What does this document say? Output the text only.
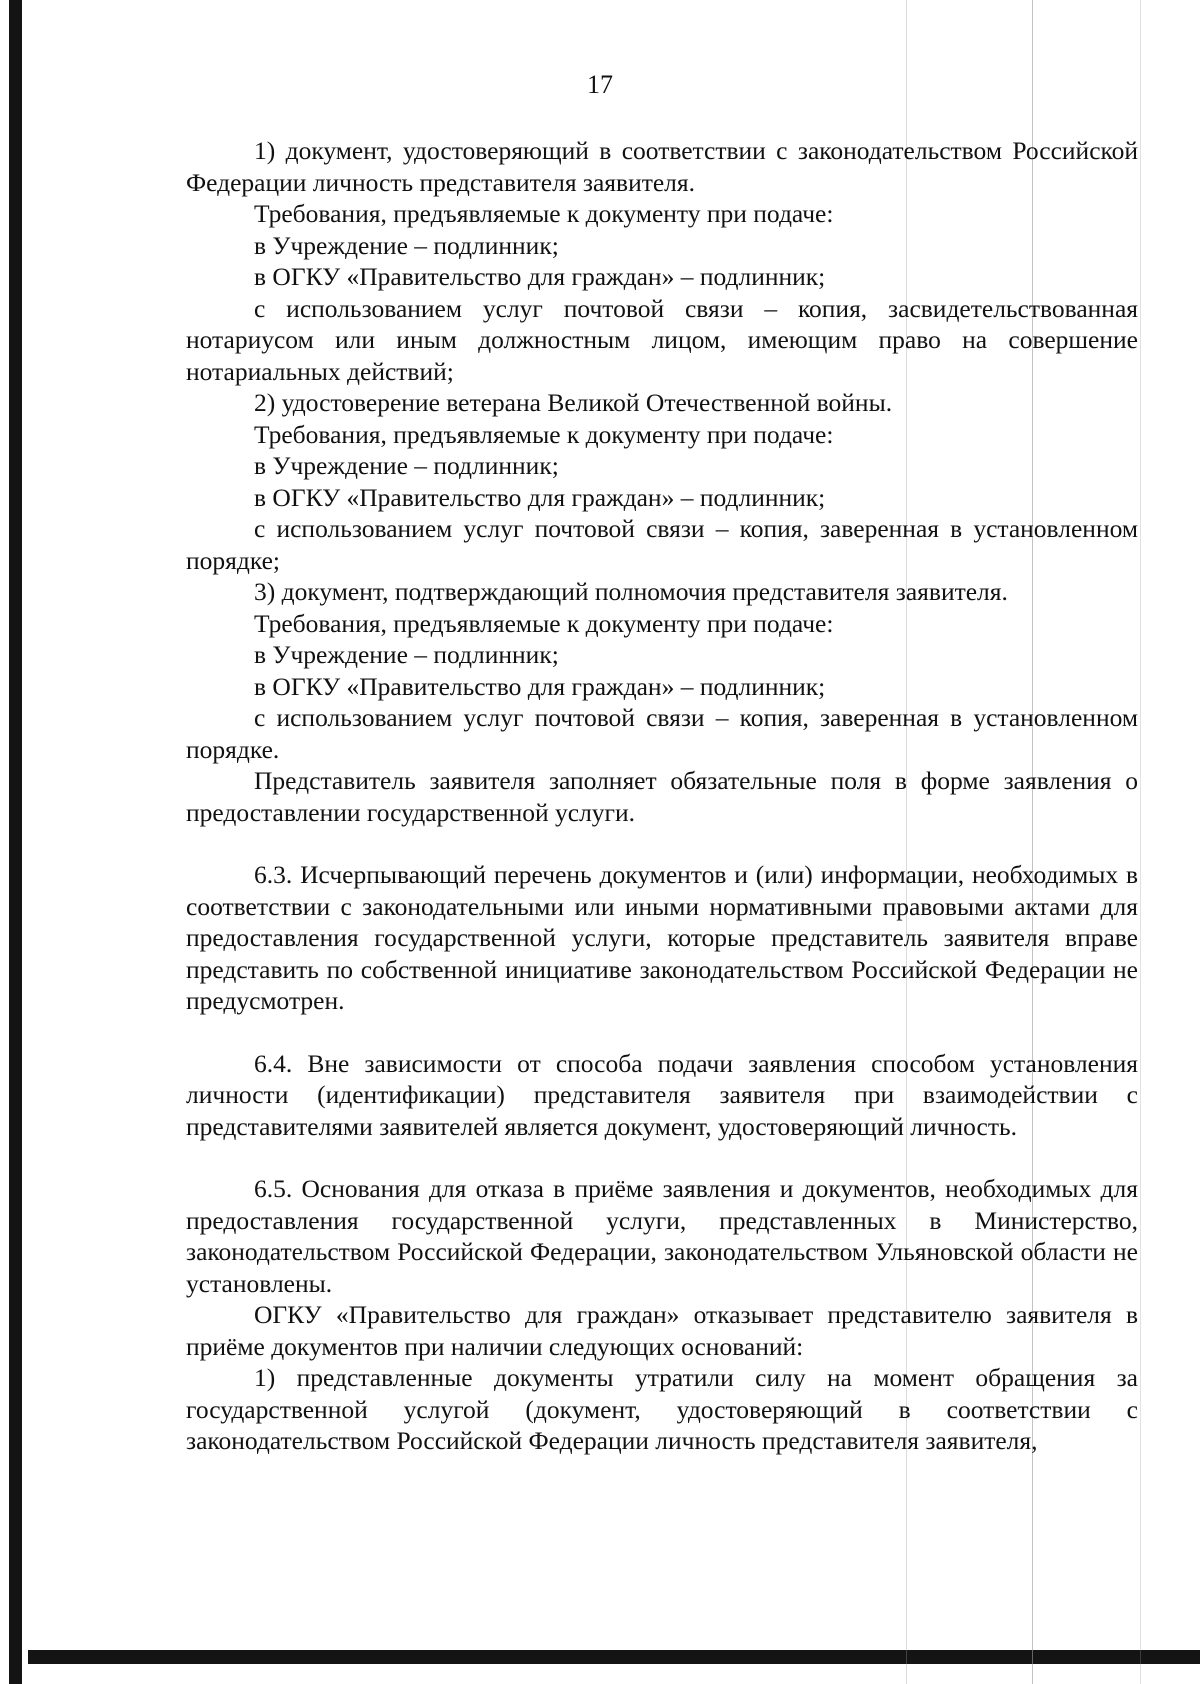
17

1) документ, удостоверяющий в соответствии с законодательством Российской Федерации личность представителя заявителя.

Требования, предъявляемые к документу при подаче:

в Учреждение – подлинник;

в ОГКУ «Правительство для граждан» – подлинник;

с использованием услуг почтовой связи – копия, засвидетельствованная нотариусом или иным должностным лицом, имеющим право на совершение нотариальных действий;

2) удостоверение ветерана Великой Отечественной войны.

Требования, предъявляемые к документу при подаче:

в Учреждение – подлинник;

в ОГКУ «Правительство для граждан» – подлинник;

с использованием услуг почтовой связи – копия, заверенная в установленном порядке;

3) документ, подтверждающий полномочия представителя заявителя.

Требования, предъявляемые к документу при подаче:

в Учреждение – подлинник;

в ОГКУ «Правительство для граждан» – подлинник;

с использованием услуг почтовой связи – копия, заверенная в установленном порядке.

Представитель заявителя заполняет обязательные поля в форме заявления о предоставлении государственной услуги.

6.3. Исчерпывающий перечень документов и (или) информации, необходимых в соответствии с законодательными или иными нормативными правовыми актами для предоставления государственной услуги, которые представитель заявителя вправе представить по собственной инициативе законодательством Российской Федерации не предусмотрен.

6.4. Вне зависимости от способа подачи заявления способом установления личности (идентификации) представителя заявителя при взаимодействии с представителями заявителей является документ, удостоверяющий личность.

6.5. Основания для отказа в приёме заявления и документов, необходимых для предоставления государственной услуги, представленных в Министерство, законодательством Российской Федерации, законодательством Ульяновской области не установлены.

ОГКУ «Правительство для граждан» отказывает представителю заявителя в приёме документов при наличии следующих оснований:

1) представленные документы утратили силу на момент обращения за государственной услугой (документ, удостоверяющий в соответствии с законодательством Российской Федерации личность представителя заявителя,
